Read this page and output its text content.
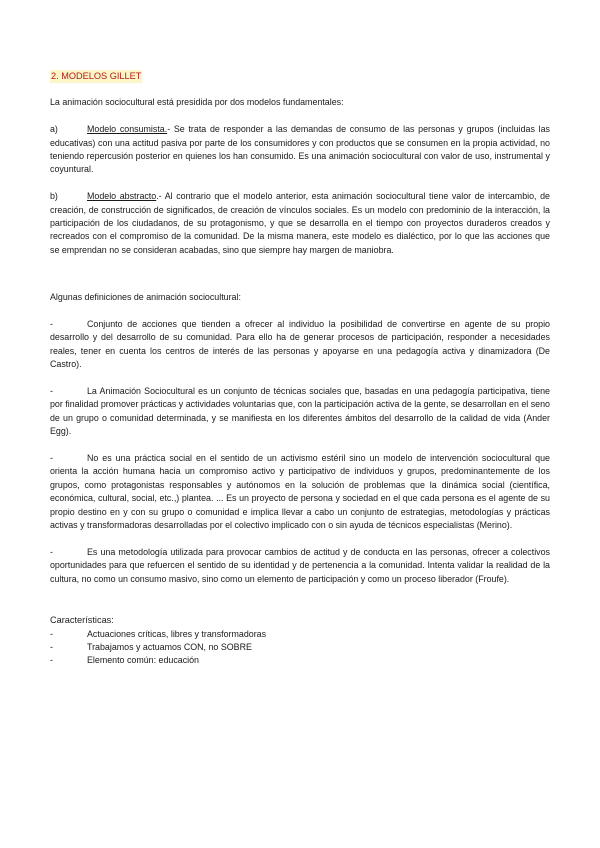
2. MODELOS GILLET

La animación sociocultural está presidida por dos modelos fundamentales:

a)	Modelo consumista.- Se trata de responder a las demandas de consumo de las personas y grupos (incluidas las educativas) con una actitud pasiva por parte de los consumidores y con productos que se consumen en la propia actividad, no teniendo repercusión posterior en quienes los han consumido. Es una animación sociocultural con valor de uso, instrumental y coyuntural.

b)	Modelo abstracto.- Al contrario que el modelo anterior, esta animación sociocultural tiene valor de intercambio, de creación, de construcción de significados, de creación de vínculos sociales. Es un modelo con predominio de la interacción, la participación de los ciudadanos, de su protagonismo, y que se desarrolla en el tiempo con proyectos duraderos creados y recreados con el compromiso de la comunidad. De la misma manera, este modelo es dialéctico, por lo que las acciones que se emprendan no se consideran acabadas, sino que siempre hay margen de maniobra.

Algunas definiciones de animación sociocultural:

-	Conjunto de acciones que tienden a ofrecer al individuo la posibilidad de convertirse en agente de su propio desarrollo y del desarrollo de su comunidad. Para ello ha de generar procesos de participación, responder a necesidades reales, tener en cuenta los centros de interés de las personas y apoyarse en una pedagogía activa y dinamizadora (De Castro).

-	La Animación Sociocultural es un conjunto de técnicas sociales que, basadas en una pedagogía participativa, tiene por finalidad promover prácticas y actividades voluntarias que, con la participación activa de la gente, se desarrollan en el seno de un grupo o comunidad determinada, y se manifiesta en los diferentes ámbitos del desarrollo de la calidad de vida (Ander Egg).

-	No es una práctica social en el sentido de un activismo estéril sino un modelo de intervención sociocultural que orienta la acción humana hacia un compromiso activo y participativo de individuos y grupos, predominantemente de los grupos, como protagonistas responsables y autónomos en la solución de problemas que la dinámica social (científica, económica, cultural, social, etc.,) plantea. ... Es un proyecto de persona y sociedad en el que cada persona es el agente de su propio destino en y con su grupo o comunidad e implica llevar a cabo un conjunto de estrategias, metodologías y prácticas activas y transformadoras desarrolladas por el colectivo implicado con o sin ayuda de técnicos especialistas (Merino).

-	Es una metodología utilizada para provocar cambios de actitud y de conducta en las personas, ofrecer a colectivos oportunidades para que refuercen el sentido de su identidad y de pertenencia a la comunidad. Intenta validar la realidad de la cultura, no como un consumo masivo, sino como un elemento de participación y como un proceso liberador (Froufe).

Características:

-	Actuaciones críticas, libres y transformadoras
-	Trabajamos y actuamos CON, no SOBRE
-	Elemento común: educación
